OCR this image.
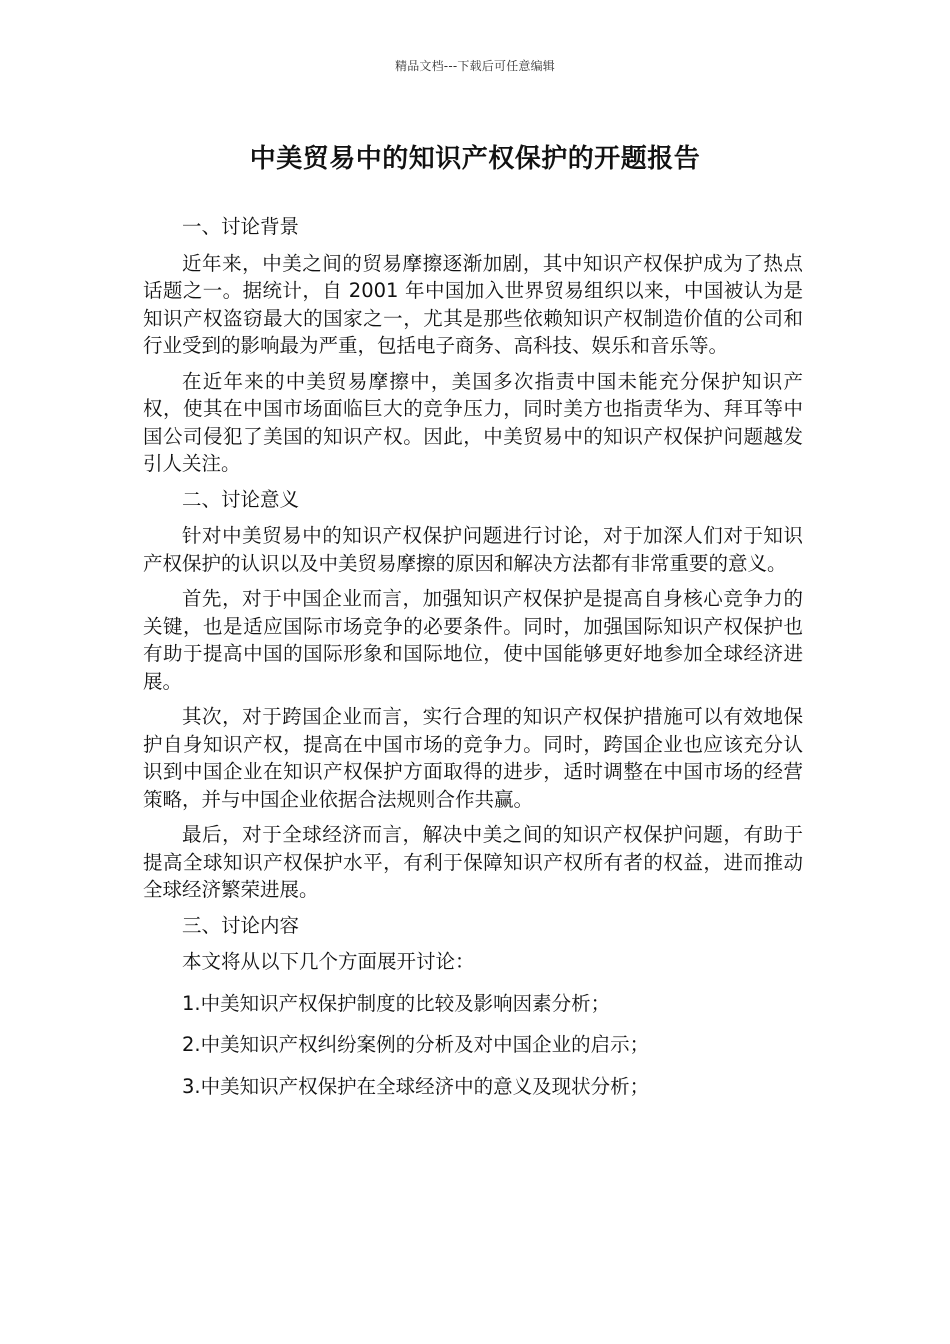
精品文档---下载后可任意编辑
中美贸易中的知识产权保护的开题报告

一、讨论背景

近年来，中美之间的贸易摩擦逐渐加剧，其中知识产权保护成为了热点话题之一。据统计，自 2001 年中国加入世界贸易组织以来，中国被认为是知识产权盗窃最大的国家之一，尤其是那些依赖知识产权制造价值的公司和行业受到的影响最为严重，包括电子商务、高科技、娱乐和音乐等。

在近年来的中美贸易摩擦中，美国多次指责中国未能充分保护知识产权，使其在中国市场面临巨大的竞争压力，同时美方也指责华为、拜耳等中国公司侵犯了美国的知识产权。因此，中美贸易中的知识产权保护问题越发引人关注。

二、讨论意义

针对中美贸易中的知识产权保护问题进行讨论，对于加深人们对于知识产权保护的认识以及中美贸易摩擦的原因和解决方法都有非常重要的意义。

首先，对于中国企业而言，加强知识产权保护是提高自身核心竞争力的关键，也是适应国际市场竞争的必要条件。同时，加强国际知识产权保护也有助于提高中国的国际形象和国际地位，使中国能够更好地参加全球经济进展。

其次，对于跨国企业而言，实行合理的知识产权保护措施可以有效地保护自身知识产权，提高在中国市场的竞争力。同时，跨国企业也应该充分认识到中国企业在知识产权保护方面取得的进步，适时调整在中国市场的经营策略，并与中国企业依据合法规则合作共赢。

最后，对于全球经济而言，解决中美之间的知识产权保护问题，有助于提高全球知识产权保护水平，有利于保障知识产权所有者的权益，进而推动全球经济繁荣进展。

三、讨论内容

本文将从以下几个方面展开讨论：

1.中美知识产权保护制度的比较及影响因素分析；

2.中美知识产权纠纷案例的分析及对中国企业的启示；

3.中美知识产权保护在全球经济中的意义及现状分析；
